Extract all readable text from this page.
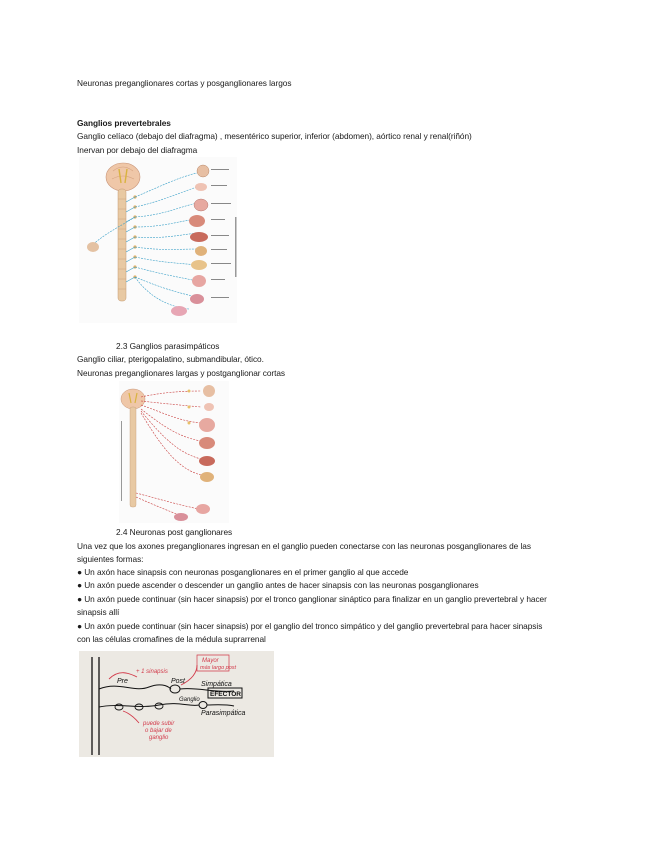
Neuronas preganglionares cortas y posganglionares largos
Ganglios prevertebrales
Ganglio celíaco (debajo del diafragma) , mesentérico superior, inferior (abdomen), aórtico renal y renal(riñón)
Inervan por debajo del diafragma
2.3 Ganglios parasimpáticos
Ganglio ciliar, pterigopalatino, submandibular, ótico.
Neuronas preganglionares largas y postganglionar cortas
2.4 Neuronas post ganglionares
Una vez que los axones preganglionares ingresan en el ganglio pueden conectarse con las neuronas posganglionares de las
siguientes formas:
● Un axón hace sinapsis con neuronas posganglionares en el primer ganglio al que accede
● Un axón puede ascender o descender un ganglio antes de hacer sinapsis con las neuronas posganglionares
● Un axón puede continuar (sin hacer sinapsis) por el tronco ganglionar sináptico para finalizar en un ganglio prevertebral y hacer
sinapsis allí
● Un axón puede continuar (sin hacer sinapsis) por el ganglio del tronco simpático y del ganglio prevertebral para hacer sinapsis
con las células cromafines de la médula suprarrenal
Pre
+ 1 sinapsis
Post
Mayor
más largo post
Simpática
EFECTOR
Ganglio
Parasimpática
puede subir
o bajar de
ganglio
